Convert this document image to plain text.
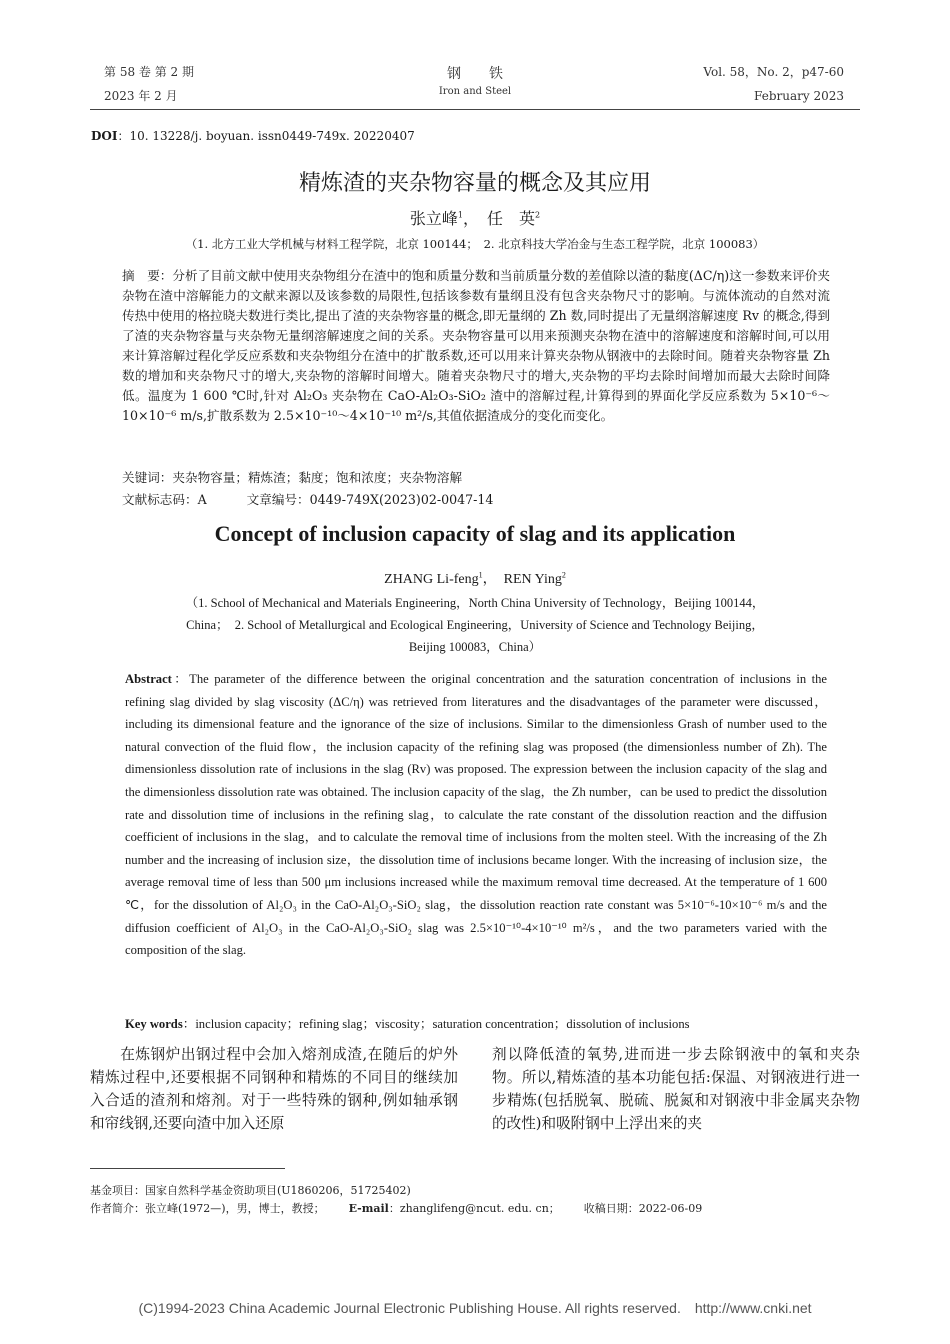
第 58 卷 第 2 期
2023 年 2 月
钢　　铁
Iron and Steel
Vol. 58，No. 2，p47-60
February 2023
DOI：10. 13228/j. boyuan. issn0449-749x. 20220407
精炼渣的夹杂物容量的概念及其应用
张立峰$^1$，　任　英$^2$
（1. 北方工业大学机械与材料工程学院，北京 100144；　2. 北京科技大学冶金与生态工程学院，北京 100083）
摘　要：分析了目前文献中使用夹杂物组分在渣中的饱和质量分数和当前质量分数的差值除以渣的黏度(ΔC/η)这一参数来评价夹杂物在渣中溶解能力的文献来源以及该参数的局限性,包括该参数有量纲且没有包含夹杂物尺寸的影响。与流体流动的自然对流传热中使用的格拉晓夫数进行类比,提出了渣的夹杂物容量的概念,即无量纲的 Zh 数,同时提出了无量纲溶解速度 Rv 的概念,得到了渣的夹杂物容量与夹杂物无量纲溶解速度之间的关系。夹杂物容量可以用来预测夹杂物在渣中的溶解速度和溶解时间,可以用来计算溶解过程化学反应系数和夹杂物组分在渣中的扩散系数,还可以用来计算夹杂物从钢液中的去除时间。随着夹杂物容量 Zh 数的增加和夹杂物尺寸的增大,夹杂物的溶解时间增大。随着夹杂物尺寸的增大,夹杂物的平均去除时间增加而最大去除时间降低。温度为 1 600 ℃时,针对 Al₂O₃ 夹杂物在 CaO-Al₂O₃-SiO₂ 渣中的溶解过程,计算得到的界面化学反应系数为 5×10⁻⁶～10×10⁻⁶ m/s,扩散系数为 2.5×10⁻¹⁰～4×10⁻¹⁰ m²/s,其值依据渣成分的变化而变化。
关键词：夹杂物容量；精炼渣；黏度；饱和浓度；夹杂物溶解
文献标志码：A	文章编号：0449-749X(2023)02-0047-14
Concept of inclusion capacity of slag and its application
ZHANG Li-feng$^1$，　REN Ying$^2$
（1. School of Mechanical and Materials Engineering，North China University of Technology，Beijing 100144，China；　2. School of Metallurgical and Ecological Engineering，University of Science and Technology Beijing，Beijing 100083，China）
Abstract：The parameter of the difference between the original concentration and the saturation concentration of inclusions in the refining slag divided by slag viscosity (ΔC/η) was retrieved from literatures and the disadvantages of the parameter were discussed，including its dimensional feature and the ignorance of the size of inclusions. Similar to the dimensionless Grash of number used to the natural convection of the fluid flow，the inclusion capacity of the refining slag was proposed (the dimensionless number of Zh). The dimensionless dissolution rate of inclusions in the slag (Rv) was proposed. The expression between the inclusion capacity of the slag and the dimensionless dissolution rate was obtained. The inclusion capacity of the slag，the Zh number，can be used to predict the dissolution rate and dissolution time of inclusions in the refining slag，to calculate the rate constant of the dissolution reaction and the diffusion coefficient of inclusions in the slag，and to calculate the removal time of inclusions from the molten steel. With the increasing of the Zh number and the increasing of inclusion size，the dissolution time of inclusions became longer. With the increasing of inclusion size，the average removal time of less than 500 μm inclusions increased while the maximum removal time decreased. At the temperature of 1 600 ℃，for the dissolution of Al₂O₃ in the CaO-Al₂O₃-SiO₂ slag，the dissolution reaction rate constant was 5×10⁻⁶-10×10⁻⁶ m/s and the diffusion coefficient of Al₂O₃ in the CaO-Al₂O₃-SiO₂ slag was 2.5×10⁻¹⁰-4×10⁻¹⁰ m²/s，and the two parameters varied with the composition of the slag.
Key words：inclusion capacity；refining slag；viscosity；saturation concentration；dissolution of inclusions
　　在炼钢炉出钢过程中会加入熔剂成渣,在随后的炉外精炼过程中,还要根据不同钢种和精炼的不同目的继续加入合适的渣剂和熔剂。对于一些特殊的钢种,例如轴承钢和帘线钢,还要向渣中加入还原
剂以降低渣的氧势,进而进一步去除钢液中的氧和夹杂物。所以,精炼渣的基本功能包括:保温、对钢液进行进一步精炼(包括脱氧、脱硫、脱氮和对钢液中非金属夹杂物的改性)和吸附钢中上浮出来的夹
基金项目：国家自然科学基金资助项目(U1860206，51725402)
作者简介：张立峰(1972—)，男，博士，教授； E-mail：zhanglifeng@ncut. edu. cn； 收稿日期：2022-06-09
(C)1994-2023 China Academic Journal Electronic Publishing House. All rights reserved.　http://www.cnki.net
